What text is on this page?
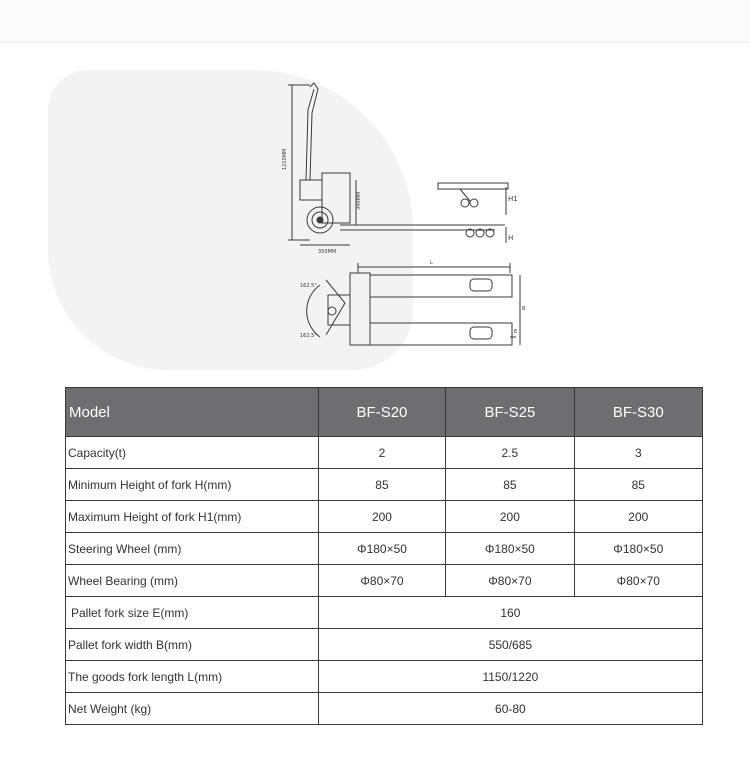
1210MM
340MM
350MM
H1
H
L
B
E
162.5°
162.5°
Model	BF-S20	BF-S25	BF-S30
Capacity(t)	2	2.5	3
Minimum Height of fork H(mm)	85	85	85
Maximum Height of fork H1(mm)	200	200	200
Steering Wheel (mm)	Φ180×50	Φ180×50	Φ180×50
Wheel Bearing (mm)	Φ80×70	Φ80×70	Φ80×70
Pallet fork size E(mm)	160		
Pallet fork width B(mm)	550/685		
The goods fork length L(mm)	1150/1220		
Net Weight (kg)	60-80		
